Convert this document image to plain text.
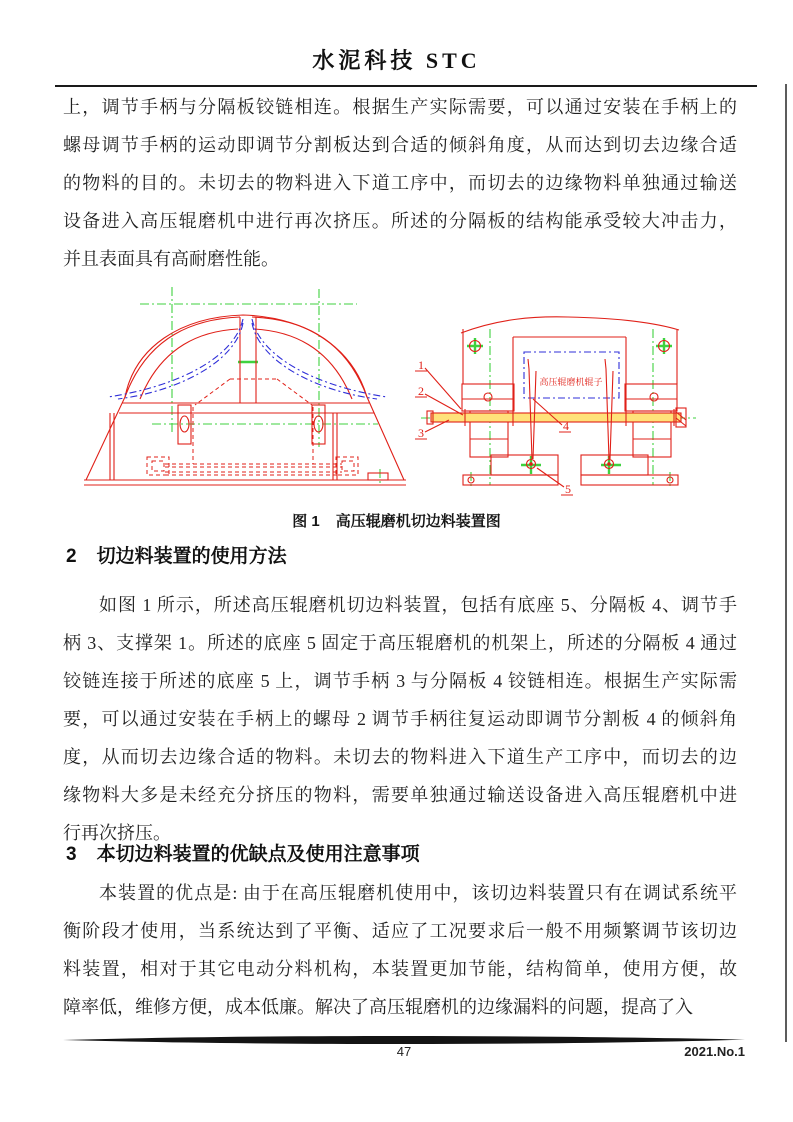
水泥科技 STC
上，调节手柄与分隔板铰链相连。根据生产实际需要，可以通过安装在手柄上的
螺母调节手柄的运动即调节分割板达到合适的倾斜角度，从而达到切去边缘合适
的物料的目的。未切去的物料进入下道工序中，而切去的边缘物料单独通过输送
设备进入高压辊磨机中进行再次挤压。所述的分隔板的结构能承受较大冲击力，
并且表面具有高耐磨性能。
高压辊磨机辊子
1
2
3	4
5
图 1 高压辊磨机切边料装置图
2 切边料装置的使用方法
如图 1 所示，所述高压辊磨机切边料装置，包括有底座 5、分隔板 4、调节手
柄 3、支撑架 1。所述的底座 5 固定于高压辊磨机的机架上，所述的分隔板 4 通过
铰链连接于所述的底座 5 上，调节手柄 3 与分隔板 4 铰链相连。根据生产实际需
要，可以通过安装在手柄上的螺母 2 调节手柄往复运动即调节分割板 4 的倾斜角
度，从而切去边缘合适的物料。未切去的物料进入下道生产工序中，而切去的边
缘物料大多是未经充分挤压的物料，需要单独通过输送设备进入高压辊磨机中进
行再次挤压。
3 本切边料装置的优缺点及使用注意事项
本装置的优点是: 由于在高压辊磨机使用中，该切边料装置只有在调试系统平
衡阶段才使用，当系统达到了平衡、适应了工况要求后一般不用频繁调节该切边
料装置，相对于其它电动分料机构，本装置更加节能，结构简单，使用方便，故
障率低，维修方便，成本低廉。解决了高压辊磨机的边缘漏料的问题，提高了入
47	2021.No.1
